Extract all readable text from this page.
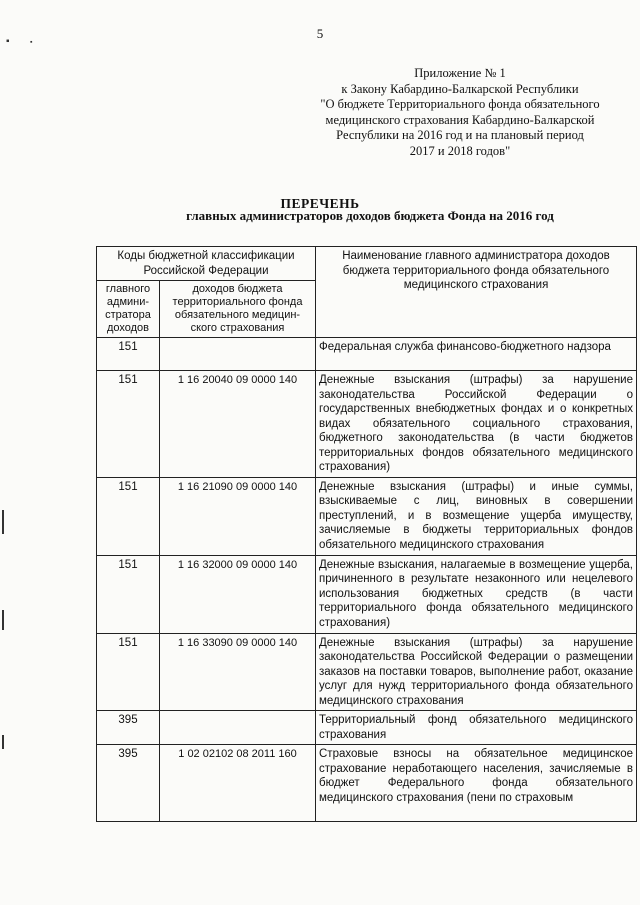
5
▪	▪
Приложение № 1
к Закону Кабардино-Балкарской Республики
"О бюджете Территориального фонда обязательного
медицинского страхования Кабардино-Балкарской
Республики на 2016 год и на плановый период
2017 и 2018 годов"
ПЕРЕЧЕНЬ
главных администраторов доходов бюджета Фонда на 2016 год
Коды бюджетной классификации Российской Федерации		Наименование главного администратора доходов бюджета территориального фонда обязательного медицинского страхования
главного админи-стратора доходов	доходов бюджета территориального фонда обязательного медицин-ского страхования	
151		Федеральная служба финансово-бюджетного надзора
151	1 16 20040 09 0000 140	Денежные взыскания (штрафы) за нарушение законодательства Российской Федерации о государственных внебюджетных фондах и о конкретных видах обязательного социального страхования, бюджетного законодательства (в части бюджетов территориальных фондов обязательного медицинского страхования)
151	1 16 21090 09 0000 140	Денежные взыскания (штрафы) и иные суммы, взыскиваемые с лиц, виновных в совершении преступлений, и в возмещение ущерба имуществу, зачисляемые в бюджеты территориальных фондов обязательного медицинского страхования
151	1 16 32000 09 0000 140	Денежные взыскания, налагаемые в возмещение ущерба, причиненного в результате незаконного или нецелевого использования бюджетных средств (в части территориального фонда обязательного медицинского страхования)
151	1 16 33090 09 0000 140	Денежные взыскания (штрафы) за нарушение законодательства Российской Федерации о размещении заказов на поставки товаров, выполнение работ, оказание услуг для нужд территориального фонда обязательного медицинского страхования
395		Территориальный фонд обязательного медицинского страхования
395	1 02 02102 08 2011 160	Страховые взносы на обязательное медицинское страхование неработающего населения, зачисляемые в бюджет Федерального фонда обязательного медицинского страхования (пени по страховым
